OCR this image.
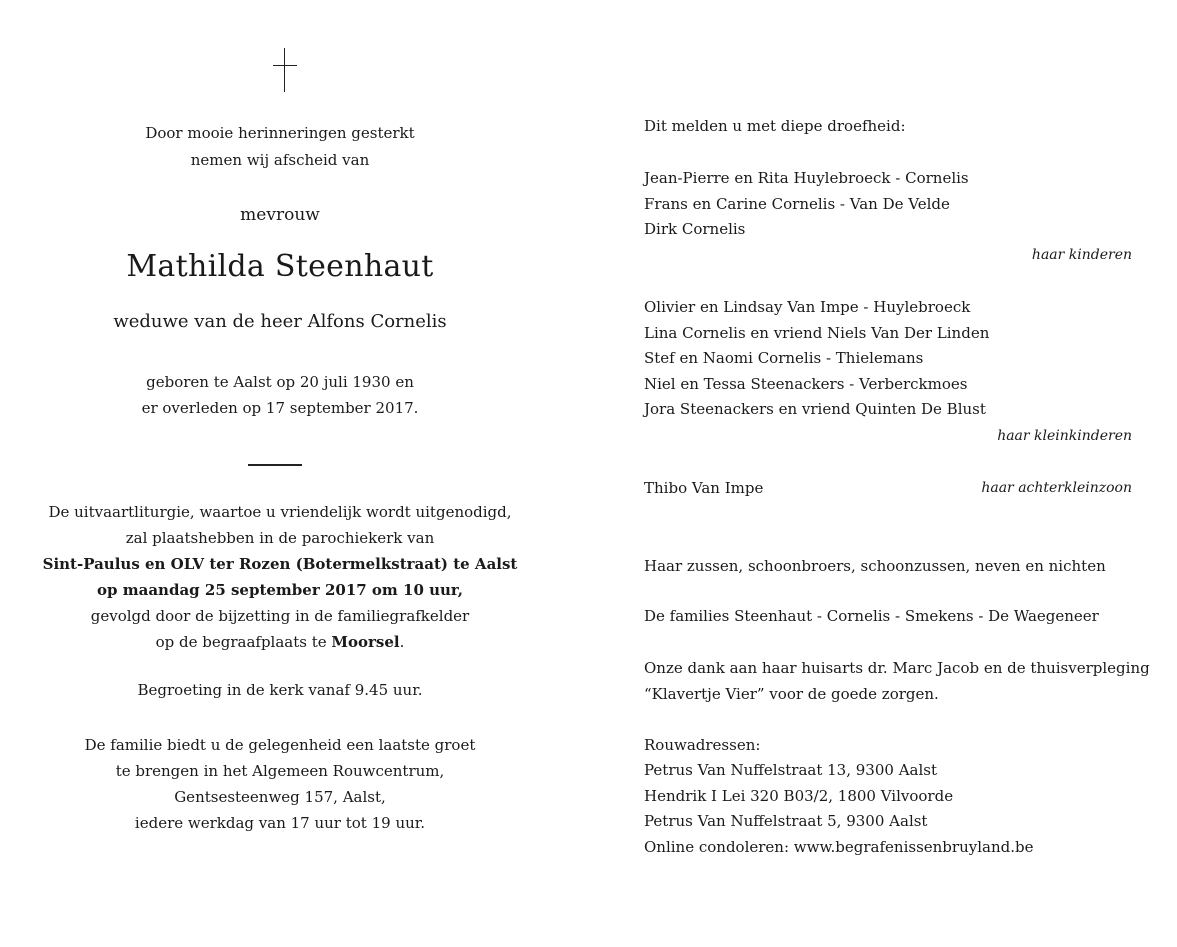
Door mooie herinneringen gesterkt
nemen wij afscheid van
mevrouw
Mathilda Steenhaut
weduwe van de heer Alfons Cornelis
geboren te Aalst op 20 juli 1930 en
er overleden op 17 september 2017.
De uitvaartliturgie, waartoe u vriendelijk wordt uitgenodigd,
zal plaatshebben in de parochiekerk van
Sint-Paulus en OLV ter Rozen (Botermelkstraat) te Aalst
op maandag 25 september 2017 om 10 uur,
gevolgd door de bijzetting in de familiegrafkelder
op de begraafplaats te Moorsel.
Begroeting in de kerk vanaf 9.45 uur.
De familie biedt u de gelegenheid een laatste groet
te brengen in het Algemeen Rouwcentrum,
Gentsesteenweg 157, Aalst,
iedere werkdag van 17 uur tot 19 uur.
Dit melden u met diepe droefheid:
Jean-Pierre en Rita Huylebroeck - Cornelis
Frans en Carine Cornelis - Van De Velde
Dirk Cornelis
haar kinderen
Olivier en Lindsay Van Impe - Huylebroeck
Lina Cornelis en vriend Niels Van Der Linden
Stef en Naomi Cornelis - Thielemans
Niel en Tessa Steenackers - Verberckmoes
Jora Steenackers en vriend Quinten De Blust
haar kleinkinderen
Thibo Van Impe	haar achterkleinzoon
Haar zussen, schoonbroers, schoonzussen, neven en nichten
De families Steenhaut - Cornelis - Smekens - De Waegeneer
Onze dank aan haar huisarts dr. Marc Jacob en de thuisverpleging
“Klavertje Vier” voor de goede zorgen.
Rouwadressen:
Petrus Van Nuffelstraat 13, 9300 Aalst
Hendrik I Lei 320 B03/2, 1800 Vilvoorde
Petrus Van Nuffelstraat 5, 9300 Aalst
Online condoleren: www.begrafenissenbruyland.be
